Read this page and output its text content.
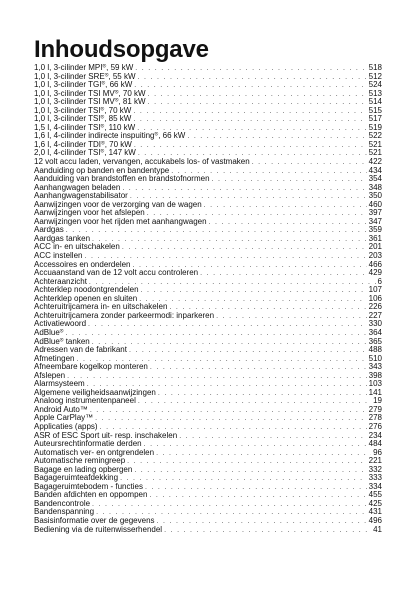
Inhoudsopgave
1,0 l, 3-cilinder MPI®, 59 kW . . .	518
1,0 l, 3-cilinder SRE®, 55 kW . . .	512
1,0 l, 3-cilinder TGI®, 66 kW . . .	524
1,0 l, 3-cilinder TSI MV®, 70 kW . . .	513
1,0 l, 3-cilinder TSI MV®, 81 kW . . .	514
1,0 l, 3-cilinder TSI®, 70 kW . . .	515
1,0 l, 3-cilinder TSI®, 85 kW . . .	517
1,5 l, 4-cilinder TSI®, 110 kW . . .	519
1,6 l, 4-cilinder indirecte inspuiting®, 66 kW . . .	522
1,6 l, 4-cilinder TDI®, 70 kW . . .	521
2,0 l, 4-cilinder TSI®, 147 kW . . .	521
12 volt accu laden, vervangen, accukabels los- of vastmaken . . .	422
Aanduiding op banden en bandentype . . .	434
Aanduiding van brandstoffen en brandstofnormen . . .	354
Aanhangwagen beladen . . .	348
Aanhangwagenstabilisator . . .	350
Aanwijzingen voor de verzorging van de wagen . . .	460
Aanwijzingen voor het afslepen . . .	397
Aanwijzingen voor het rijden met aanhangwagen . . .	347
Aardgas . . .	359
Aardgas tanken . . .	361
ACC in- en uitschakelen . . .	201
ACC instellen . . .	203
Accessoires en onderdelen . . .	466
Accuaanstand van de 12 volt accu controleren . . .	429
Achteraanzicht . . .	6
Achterklep noodontgrendelen . . .	107
Achterklep openen en sluiten . . .	106
Achteruitrijcamera in- en uitschakelen . . .	226
Achteruitrijcamera zonder parkeermodi: inparkeren . . .	227
Activatiewoord . . .	330
AdBlue® . . .	364
AdBlue® tanken . . .	365
Adressen van de fabrikant . . .	488
Afmetingen . . .	510
Afneembare kogelkop monteren . . .	343
Afslepen . . .	398
Alarmsysteem . . .	103
Algemene veiligheidsaanwijzingen . . .	141
Analoog instrumentenpaneel . . .	19
Android Auto™ . . .	279
Apple CarPlay™ . . .	278
Applicaties (apps) . . .	276
ASR of ESC Sport uit- resp. inschakelen . . .	234
Auteursrechtinformatie derden . . .	484
Automatisch ver- en ontgrendelen . . .	96
Automatische remingreep . . .	221
Bagage en lading opbergen . . .	332
Bagageruimteafdekking . . .	333
Bagageruimtebodem - functies . . .	334
Banden afdichten en oppompen . . .	455
Bandencontrole . . .	425
Bandenspanning . . .	431
Basisinformatie over de gegevens . . .	496
Bediening via de ruitenwisserhendel . . .	41
